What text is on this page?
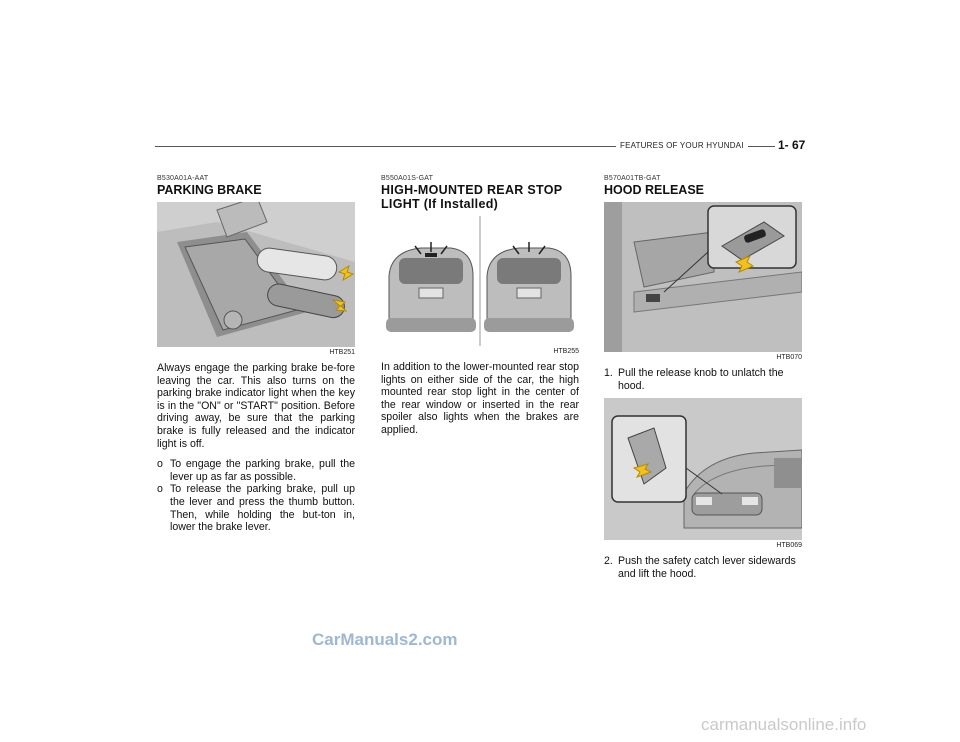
FEATURES OF YOUR HYUNDAI	1- 67
B530A01A-AAT
PARKING BRAKE
HTB251
Always engage the parking brake be-fore leaving the car. This also turns on the parking brake indicator light when the key is in the "ON" or "START" position. Before driving away, be sure that the parking brake is fully released and the indicator light is off.
o To engage the parking brake, pull the lever up as far as possible.
o To release the parking brake, pull up the lever and press the thumb button. Then, while holding the but-ton in, lower the brake lever.
B550A01S-GAT
HIGH-MOUNTED REAR STOP LIGHT (If Installed)
HTB255
In addition to the lower-mounted rear stop lights on either side of the car, the high mounted rear stop light in the center of the rear window or inserted in the rear spoiler also lights when the brakes are applied.
B570A01TB-GAT
HOOD RELEASE
HTB070
1. Pull the release knob to unlatch the hood.
HTB069
2. Push the safety catch lever sidewards and lift the hood.
CarManuals2.com
carmanualsonline.info
